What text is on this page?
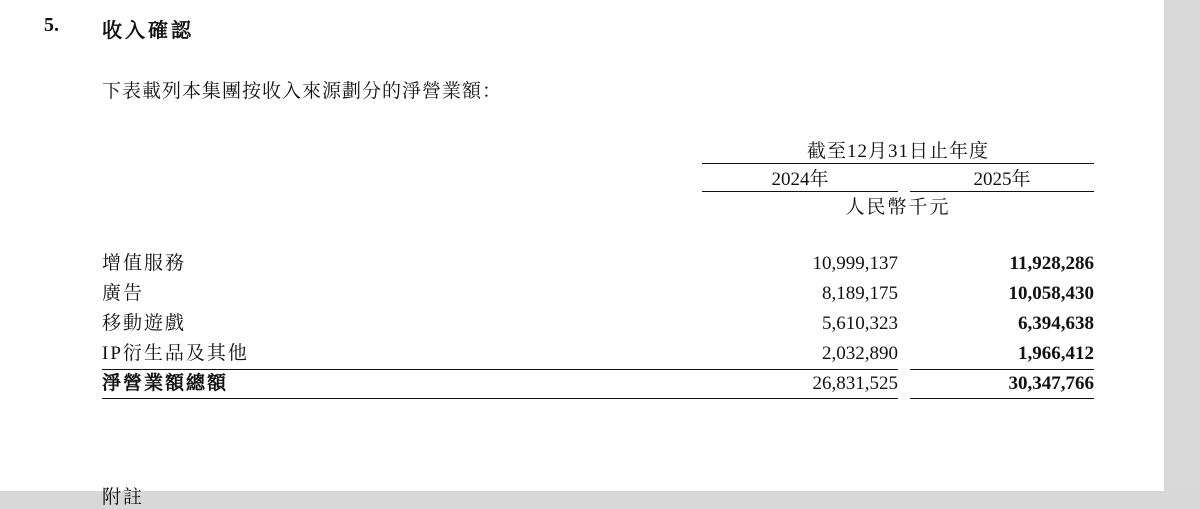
5. 收入確認
下表載列本集團按收入來源劃分的淨營業額：
	截至12月31日止年度		
	2024年		2025年
	人民幣千元		

增值服務	10,999,137		11,928,286
廣告	8,189,175		10,058,430
移動遊戲	5,610,323		6,394,638
IP衍生品及其他	2,032,890		1,966,412
淨營業額總額	26,831,525		30,347,766
附註
